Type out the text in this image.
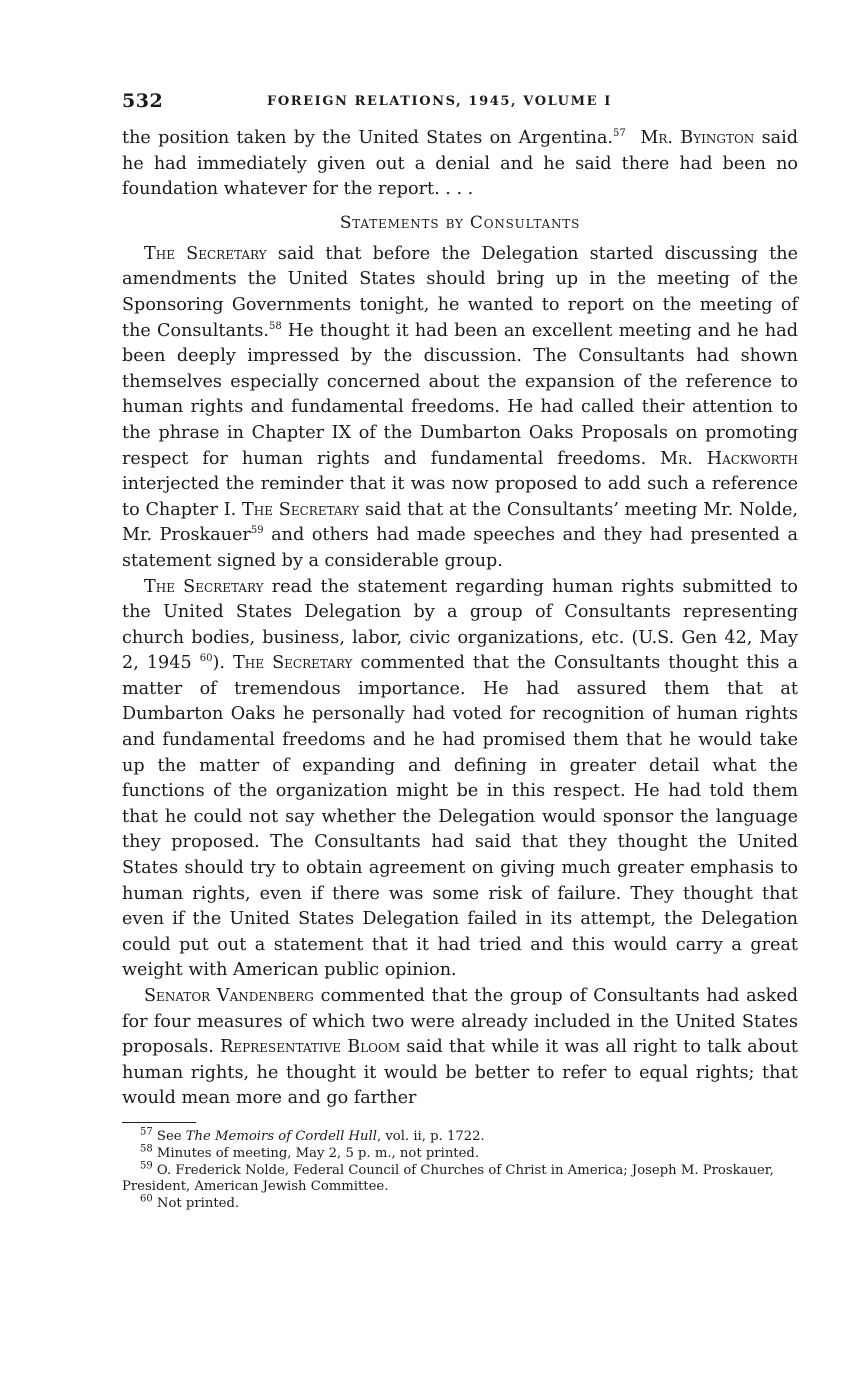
532	FOREIGN RELATIONS, 1945, VOLUME I

the position taken by the United States on Argentina.$^{57}$ Mr. Byington said he had immediately given out a denial and he said there had been no foundation whatever for the report. . . .

Statements by Consultants

The Secretary said that before the Delegation started discussing the amendments the United States should bring up in the meeting of the Sponsoring Governments tonight, he wanted to report on the meeting of the Consultants.$^{58}$ He thought it had been an excellent meeting and he had been deeply impressed by the discussion. The Consultants had shown themselves especially concerned about the expansion of the reference to human rights and fundamental freedoms. He had called their attention to the phrase in Chapter IX of the Dumbarton Oaks Proposals on promoting respect for human rights and fundamental freedoms. Mr. Hackworth interjected the reminder that it was now proposed to add such a reference to Chapter I. The Secretary said that at the Consultants’ meeting Mr. Nolde, Mr. Proskauer$^{59}$ and others had made speeches and they had presented a statement signed by a considerable group.

The Secretary read the statement regarding human rights submitted to the United States Delegation by a group of Consultants representing church bodies, business, labor, civic organizations, etc. (U.S. Gen 42, May 2, 1945 $^{60}$). The Secretary commented that the Consultants thought this a matter of tremendous importance. He had assured them that at Dumbarton Oaks he personally had voted for recognition of human rights and fundamental freedoms and he had promised them that he would take up the matter of expanding and defining in greater detail what the functions of the organization might be in this respect. He had told them that he could not say whether the Delegation would sponsor the language they proposed. The Consultants had said that they thought the United States should try to obtain agreement on giving much greater emphasis to human rights, even if there was some risk of failure. They thought that even if the United States Delegation failed in its attempt, the Delegation could put out a statement that it had tried and this would carry a great weight with American public opinion.

Senator Vandenberg commented that the group of Consultants had asked for four measures of which two were already included in the United States proposals. Representative Bloom said that while it was all right to talk about human rights, he thought it would be better to refer to equal rights; that would mean more and go farther

$^{57}$ See The Memoirs of Cordell Hull, vol. ii, p. 1722.

$^{58}$ Minutes of meeting, May 2, 5 p. m., not printed.

$^{59}$ O. Frederick Nolde, Federal Council of Churches of Christ in America; Joseph M. Proskauer, President, American Jewish Committee.

$^{60}$ Not printed.
